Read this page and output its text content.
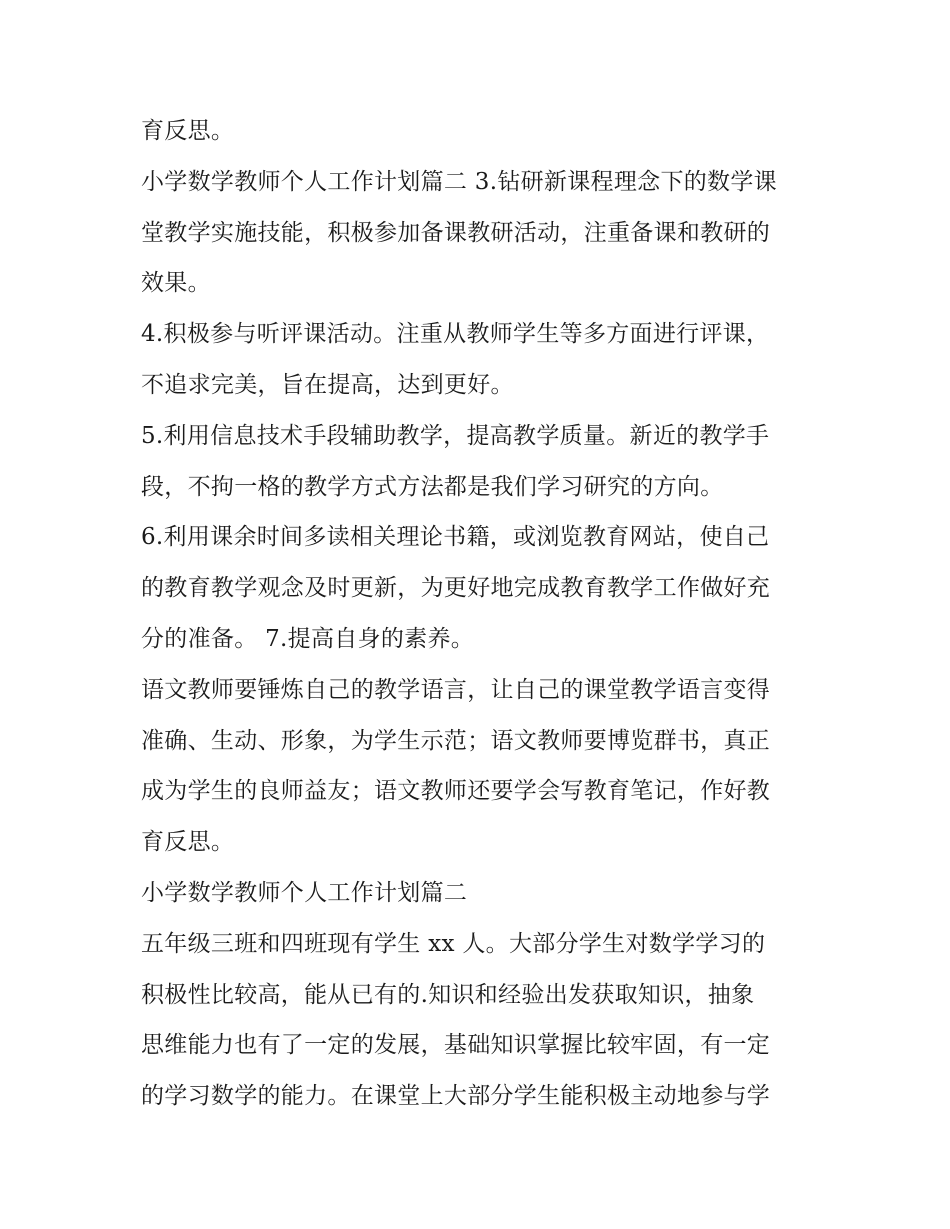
育反思。
小学数学教师个人工作计划篇二 3.钻研新课程理念下的数学课
堂教学实施技能，积极参加备课教研活动，注重备课和教研的
效果。
4.积极参与听评课活动。注重从教师学生等多方面进行评课，
不追求完美，旨在提高，达到更好。
5.利用信息技术手段辅助教学，提高教学质量。新近的教学手
段，不拘一格的教学方式方法都是我们学习研究的方向。
6.利用课余时间多读相关理论书籍，或浏览教育网站，使自己
的教育教学观念及时更新，为更好地完成教育教学工作做好充
分的准备。 7.提高自身的素养。
语文教师要锤炼自己的教学语言，让自己的课堂教学语言变得
准确、生动、形象，为学生示范；语文教师要博览群书，真正
成为学生的良师益友；语文教师还要学会写教育笔记，作好教
育反思。
小学数学教师个人工作计划篇二
五年级三班和四班现有学生 xx 人。大部分学生对数学学习的
积极性比较高，能从已有的.知识和经验出发获取知识，抽象
思维能力也有了一定的发展，基础知识掌握比较牢固，有一定
的学习数学的能力。在课堂上大部分学生能积极主动地参与学
